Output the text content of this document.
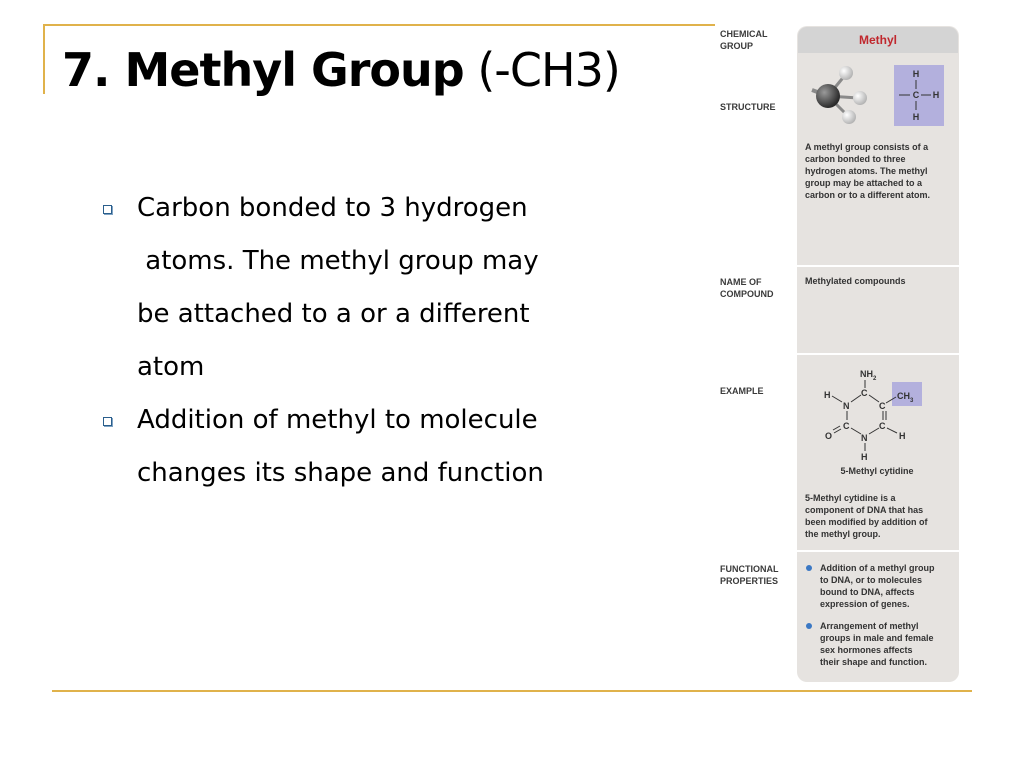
7. Methyl Group (-CH3)
Carbon bonded to 3 hydrogen
atoms. The methyl group may
be attached to a or a different
atom
Addition of methyl to molecule
changes its shape and function
Methyl
CHEMICAL
GROUP
STRUCTURE
NAME OF
COMPOUND
EXAMPLE
FUNCTIONAL
PROPERTIES
H
C H
H
A methyl group consists of a
carbon bonded to three
hydrogen atoms. The methyl
group may be attached to a
carbon or to a different atom.
Methylated compounds
$NH_2$
C
C
$CH_3$
H
N
C
O	N
C
H
H
5-Methyl cytidine
5-Methyl cytidine is a
component of DNA that has
been modified by addition of
the methyl group.
Addition of a methyl group
to DNA, or to molecules
bound to DNA, affects
expression of genes.
Arrangement of methyl
groups in male and female
sex hormones affects
their shape and function.
